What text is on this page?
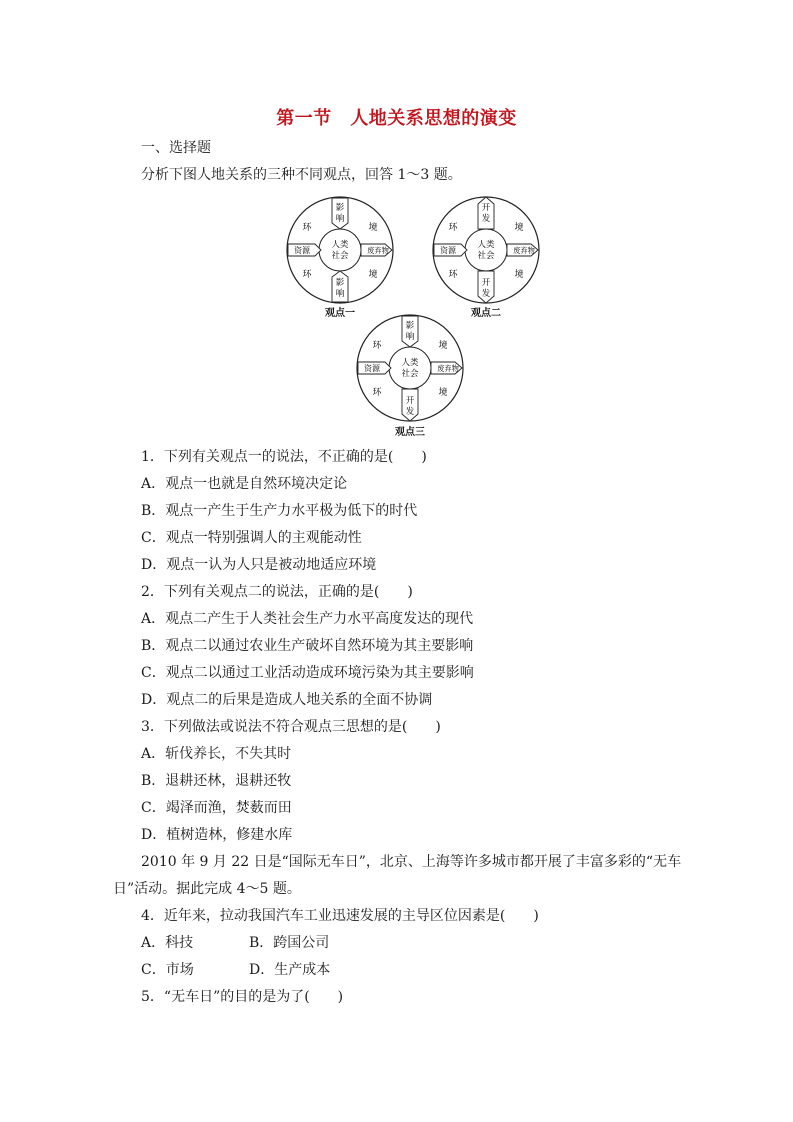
第一节　人地关系思想的演变
一、选择题
分析下图人地关系的三种不同观点，回答 1～3 题。
环	境
环	境
资源	废弃物
人类
社会
影
响
影
响
观点一
环	境
环	境
资源	废弃物
人类
社会
开
发
开
发
观点二
环	境
环	境
资源	废弃物
人类
社会
影
响
开
发
观点三
1．下列有关观点一的说法，不正确的是(　　)
A．观点一也就是自然环境决定论
B．观点一产生于生产力水平极为低下的时代
C．观点一特别强调人的主观能动性
D．观点一认为人只是被动地适应环境
2．下列有关观点二的说法，正确的是(　　)
A．观点二产生于人类社会生产力水平高度发达的现代
B．观点二以通过农业生产破坏自然环境为其主要影响
C．观点二以通过工业活动造成环境污染为其主要影响
D．观点二的后果是造成人地关系的全面不协调
3．下列做法或说法不符合观点三思想的是(　　)
A．斩伐养长，不失其时
B．退耕还林，退耕还牧
C．竭泽而渔，焚薮而田
D．植树造林，修建水库
2010 年 9 月 22 日是“国际无车日”，北京、上海等许多城市都开展了丰富多彩的“无车日”活动。据此完成 4～5 题。
4．近年来，拉动我国汽车工业迅速发展的主导区位因素是(　　)
A．科技	B．跨国公司
C．市场	D．生产成本
5．“无车日”的目的是为了(　　)
